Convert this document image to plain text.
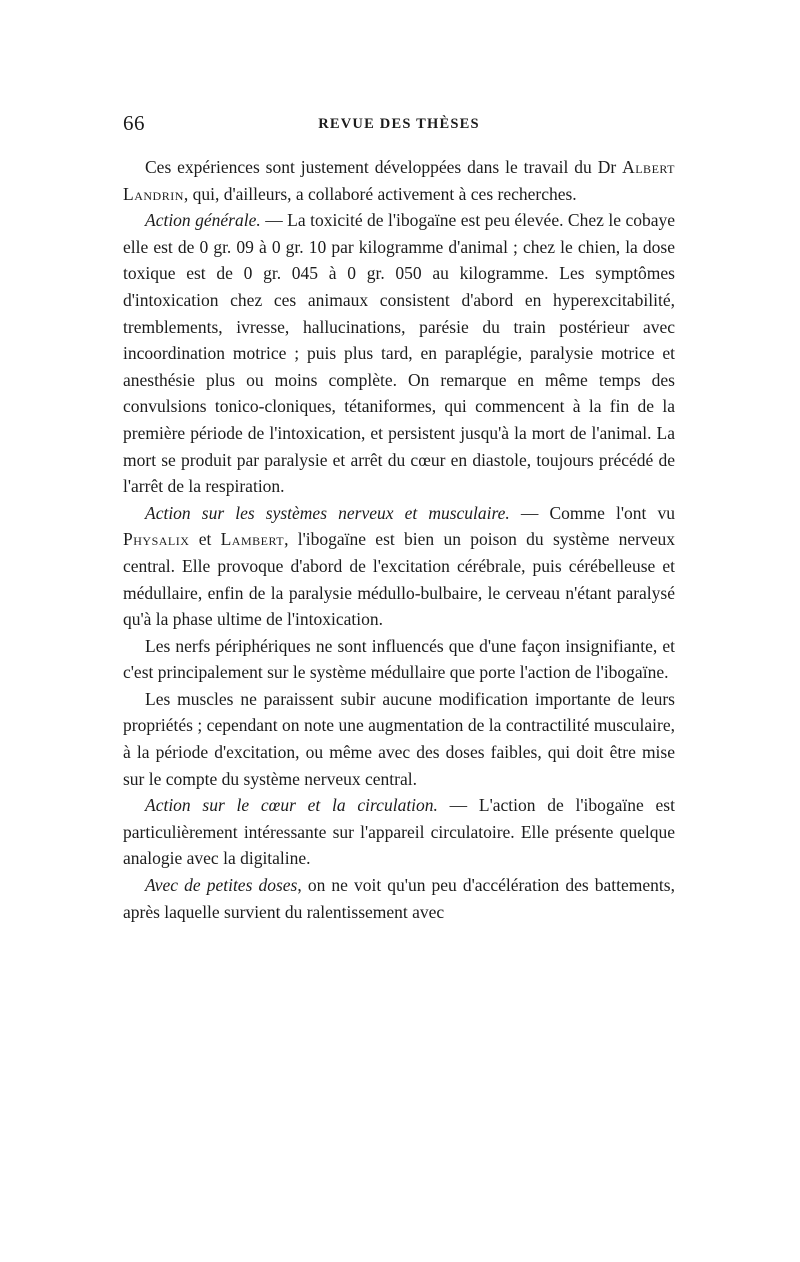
66	REVUE DES THÈSES

Ces expériences sont justement développées dans le travail du Dr Albert Landrin, qui, d'ailleurs, a collaboré activement à ces recherches.

Action générale. — La toxicité de l'ibogaïne est peu élevée. Chez le cobaye elle est de 0 gr. 09 à 0 gr. 10 par kilogramme d'animal ; chez le chien, la dose toxique est de 0 gr. 045 à 0 gr. 050 au kilogramme. Les symptômes d'intoxication chez ces animaux consistent d'abord en hyperexcitabilité, tremblements, ivresse, hallucinations, parésie du train postérieur avec incoordination motrice ; puis plus tard, en paraplégie, paralysie motrice et anesthésie plus ou moins complète. On remarque en même temps des convulsions tonico-cloniques, tétaniformes, qui commencent à la fin de la première période de l'intoxication, et persistent jusqu'à la mort de l'animal. La mort se produit par paralysie et arrêt du cœur en diastole, toujours précédé de l'arrêt de la respiration.

Action sur les systèmes nerveux et musculaire. — Comme l'ont vu Physalix et Lambert, l'ibogaïne est bien un poison du système nerveux central. Elle provoque d'abord de l'excitation cérébrale, puis cérébelleuse et médullaire, enfin de la paralysie médullo-bulbaire, le cerveau n'étant paralysé qu'à la phase ultime de l'intoxication.

Les nerfs périphériques ne sont influencés que d'une façon insignifiante, et c'est principalement sur le système médullaire que porte l'action de l'ibogaïne.

Les muscles ne paraissent subir aucune modification importante de leurs propriétés ; cependant on note une augmentation de la contractilité musculaire, à la période d'excitation, ou même avec des doses faibles, qui doit être mise sur le compte du système nerveux central.

Action sur le cœur et la circulation. — L'action de l'ibogaïne est particulièrement intéressante sur l'appareil circulatoire. Elle présente quelque analogie avec la digitaline.

Avec de petites doses, on ne voit qu'un peu d'accélération des battements, après laquelle survient du ralentissement avec
